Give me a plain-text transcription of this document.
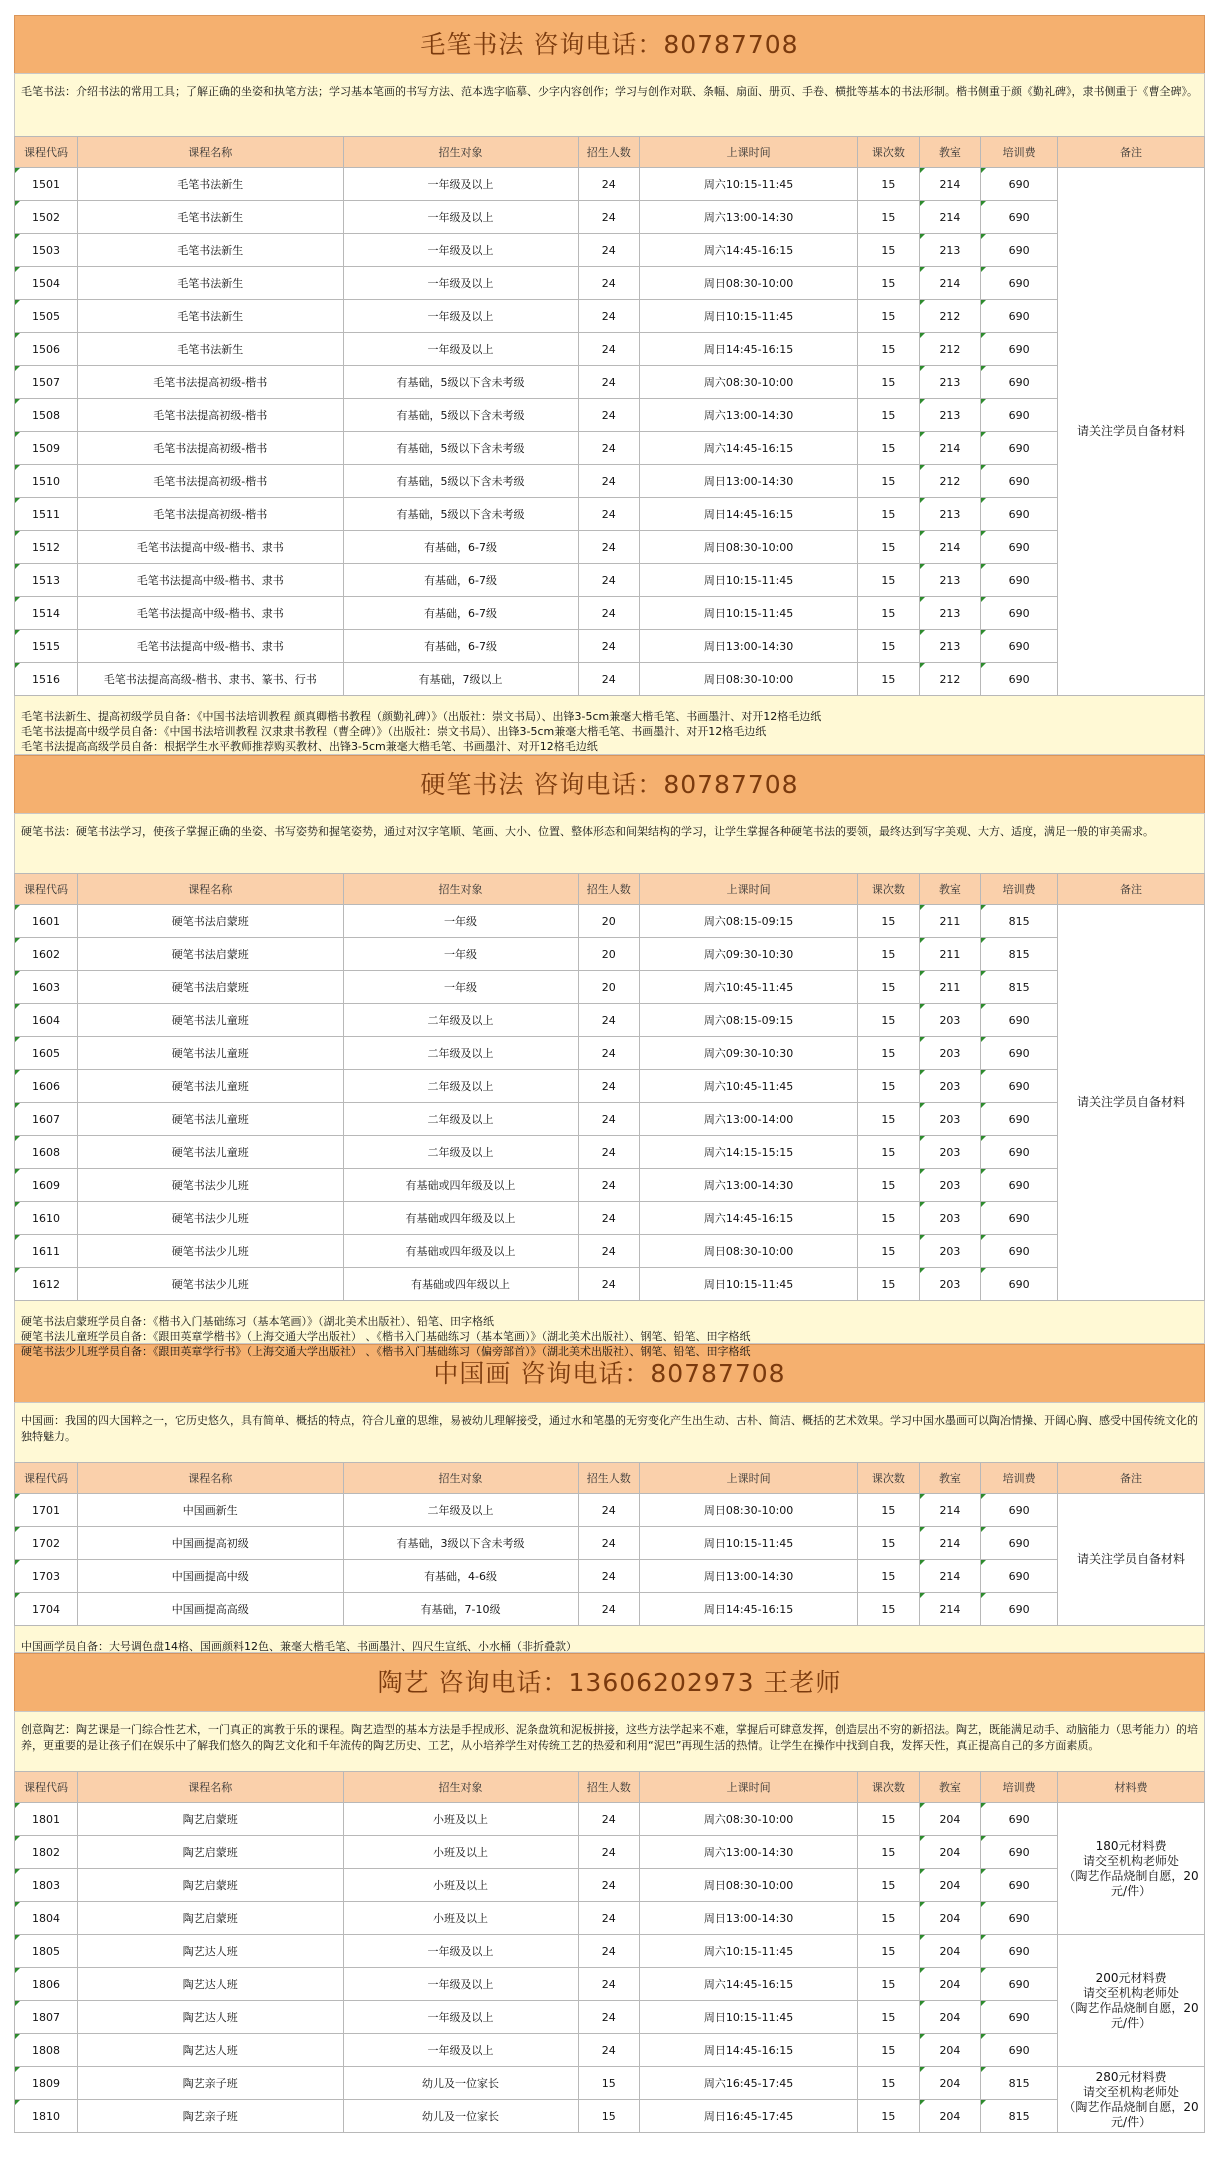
毛笔书法 咨询电话：80787708
毛笔书法：介绍书法的常用工具；了解正确的坐姿和执笔方法；学习基本笔画的书写方法、范本选字临摹、少字内容创作；学习与创作对联、条幅、扇面、册页、手卷、横批等基本的书法形制。楷书侧重于颜《勤礼碑》，隶书侧重于《曹全碑》。
课程代码	课程名称	招生对象	招生人数	上课时间	课次数	教室	培训费	备注

1501	毛笔书法新生	一年级及以上	24	周六10:15-11:45	15	214	690	请关注学员自备材料

1502	毛笔书法新生	一年级及以上	24	周六13:00-14:30	15	214	690	

1503	毛笔书法新生	一年级及以上	24	周六14:45-16:15	15	213	690	

1504	毛笔书法新生	一年级及以上	24	周日08:30-10:00	15	214	690	

1505	毛笔书法新生	一年级及以上	24	周日10:15-11:45	15	212	690	

1506	毛笔书法新生	一年级及以上	24	周日14:45-16:15	15	212	690	

1507	毛笔书法提高初级-楷书	有基础，5级以下含未考级	24	周六08:30-10:00	15	213	690	

1508	毛笔书法提高初级-楷书	有基础，5级以下含未考级	24	周六13:00-14:30	15	213	690	

1509	毛笔书法提高初级-楷书	有基础，5级以下含未考级	24	周六14:45-16:15	15	214	690	

1510	毛笔书法提高初级-楷书	有基础，5级以下含未考级	24	周日13:00-14:30	15	212	690	

1511	毛笔书法提高初级-楷书	有基础，5级以下含未考级	24	周日14:45-16:15	15	213	690	

1512	毛笔书法提高中级-楷书、隶书	有基础，6-7级	24	周日08:30-10:00	15	214	690	

1513	毛笔书法提高中级-楷书、隶书	有基础，6-7级	24	周日10:15-11:45	15	213	690	

1514	毛笔书法提高中级-楷书、隶书	有基础，6-7级	24	周日10:15-11:45	15	213	690	

1515	毛笔书法提高中级-楷书、隶书	有基础，6-7级	24	周日13:00-14:30	15	213	690	

1516	毛笔书法提高高级-楷书、隶书、篆书、行书	有基础，7级以上	24	周日08:30-10:00	15	212	690	
毛笔书法新生、提高初级学员自备：《中国书法培训教程 颜真卿楷书教程（颜勤礼碑）》（出版社：崇文书局）、出锋3-5cm兼毫大楷毛笔、书画墨汁、对开12格毛边纸
毛笔书法提高中级学员自备：《中国书法培训教程 汉隶隶书教程（曹全碑）》（出版社：崇文书局）、出锋3-5cm兼毫大楷毛笔、书画墨汁、对开12格毛边纸
毛笔书法提高高级学员自备：根据学生水平教师推荐购买教材、出锋3-5cm兼毫大楷毛笔、书画墨汁、对开12格毛边纸
硬笔书法 咨询电话：80787708
硬笔书法：硬笔书法学习，使孩子掌握正确的坐姿、书写姿势和握笔姿势，通过对汉字笔顺、笔画、大小、位置、整体形态和间架结构的学习，让学生掌握各种硬笔书法的要领，最终达到写字美观、大方、适度，满足一般的审美需求。
课程代码	课程名称	招生对象	招生人数	上课时间	课次数	教室	培训费	备注

1601	硬笔书法启蒙班	一年级	20	周六08:15-09:15	15	211	815	请关注学员自备材料

1602	硬笔书法启蒙班	一年级	20	周六09:30-10:30	15	211	815	

1603	硬笔书法启蒙班	一年级	20	周六10:45-11:45	15	211	815	

1604	硬笔书法儿童班	二年级及以上	24	周六08:15-09:15	15	203	690	

1605	硬笔书法儿童班	二年级及以上	24	周六09:30-10:30	15	203	690	

1606	硬笔书法儿童班	二年级及以上	24	周六10:45-11:45	15	203	690	

1607	硬笔书法儿童班	二年级及以上	24	周六13:00-14:00	15	203	690	

1608	硬笔书法儿童班	二年级及以上	24	周六14:15-15:15	15	203	690	

1609	硬笔书法少儿班	有基础或四年级及以上	24	周六13:00-14:30	15	203	690	

1610	硬笔书法少儿班	有基础或四年级及以上	24	周六14:45-16:15	15	203	690	

1611	硬笔书法少儿班	有基础或四年级及以上	24	周日08:30-10:00	15	203	690	

1612	硬笔书法少儿班	有基础或四年级以上	24	周日10:15-11:45	15	203	690	
硬笔书法启蒙班学员自备：《楷书入门基础练习（基本笔画）》（湖北美术出版社）、铅笔、田字格纸
硬笔书法儿童班学员自备：《跟田英章学楷书》（上海交通大学出版社） 、《楷书入门基础练习（基本笔画）》（湖北美术出版社）、钢笔、铅笔、田字格纸
硬笔书法少儿班学员自备：《跟田英章学行书》（上海交通大学出版社） 、《楷书入门基础练习（偏旁部首）》（湖北美术出版社）、钢笔、铅笔、田字格纸
中国画 咨询电话：80787708
中国画：我国的四大国粹之一，它历史悠久，具有简单、概括的特点，符合儿童的思维，易被幼儿理解接受，通过水和笔墨的无穷变化产生出生动、古朴、简洁、概括的艺术效果。学习中国水墨画可以陶冶情操、开阔心胸、感受中国传统文化的独特魅力。
课程代码	课程名称	招生对象	招生人数	上课时间	课次数	教室	培训费	备注

1701	中国画新生	二年级及以上	24	周日08:30-10:00	15	214	690	请关注学员自备材料

1702	中国画提高初级	有基础，3级以下含未考级	24	周日10:15-11:45	15	214	690	

1703	中国画提高中级	有基础，4-6级	24	周日13:00-14:30	15	214	690	

1704	中国画提高高级	有基础，7-10级	24	周日14:45-16:15	15	214	690	
中国画学员自备：大号调色盘14格、国画颜料12色、兼毫大楷毛笔、书画墨汁、四尺生宣纸、小水桶（非折叠款）
陶艺 咨询电话：13606202973 王老师
创意陶艺：陶艺课是一门综合性艺术，一门真正的寓教于乐的课程。陶艺造型的基本方法是手捏成形、泥条盘筑和泥板拼接，这些方法学起来不难，掌握后可肆意发挥，创造层出不穷的新招法。陶艺，既能满足动手、动脑能力（思考能力）的培养，更重要的是让孩子们在娱乐中了解我们悠久的陶艺文化和千年流传的陶艺历史、工艺，从小培养学生对传统工艺的热爱和利用“泥巴”再现生活的热情。让学生在操作中找到自我，发挥天性，真正提高自己的多方面素质。
课程代码	课程名称	招生对象	招生人数	上课时间	课次数	教室	培训费	材料费

1801	陶艺启蒙班	小班及以上	24	周六08:30-10:00	15	204	690	180元材料费
请交至机构老师处
（陶艺作品烧制自愿，20元/件）

1802	陶艺启蒙班	小班及以上	24	周六13:00-14:30	15	204	690	

1803	陶艺启蒙班	小班及以上	24	周日08:30-10:00	15	204	690	

1804	陶艺启蒙班	小班及以上	24	周日13:00-14:30	15	204	690	

1805	陶艺达人班	一年级及以上	24	周六10:15-11:45	15	204	690	200元材料费
请交至机构老师处
（陶艺作品烧制自愿，20元/件）

1806	陶艺达人班	一年级及以上	24	周六14:45-16:15	15	204	690	

1807	陶艺达人班	一年级及以上	24	周日10:15-11:45	15	204	690	

1808	陶艺达人班	一年级及以上	24	周日14:45-16:15	15	204	690	

1809	陶艺亲子班	幼儿及一位家长	15	周六16:45-17:45	15	204	815	280元材料费
请交至机构老师处
（陶艺作品烧制自愿，20元/件）

1810	陶艺亲子班	幼儿及一位家长	15	周日16:45-17:45	15	204	815	
